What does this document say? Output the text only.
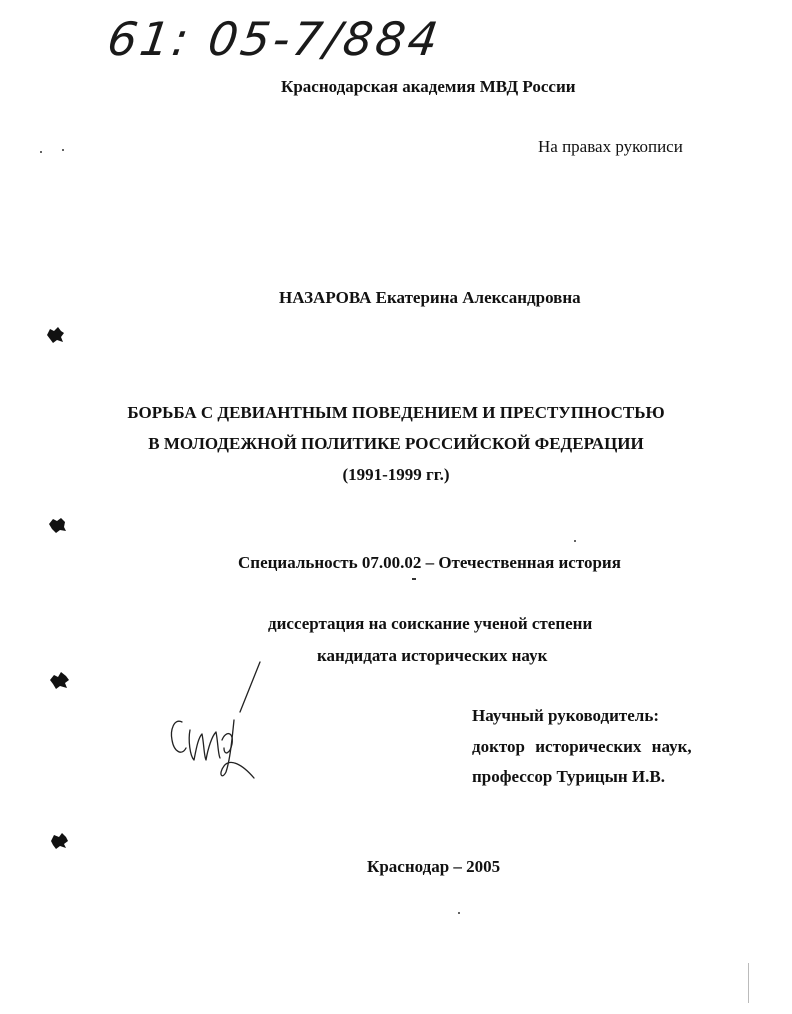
61: 05-7/884
Краснодарская академия МВД России
На правах рукописи
НАЗАРОВА Екатерина Александровна
БОРЬБА С ДЕВИАНТНЫМ ПОВЕДЕНИЕМ И ПРЕСТУПНОСТЬЮ
В МОЛОДЕЖНОЙ ПОЛИТИКЕ РОССИЙСКОЙ ФЕДЕРАЦИИ
(1991-1999 гг.)
Специальность 07.00.02 – Отечественная история
диссертация на соискание ученой степени
кандидата исторических наук
Научный руководитель:
доктор исторических наук,
профессор Турицын И.В.
Краснодар – 2005
